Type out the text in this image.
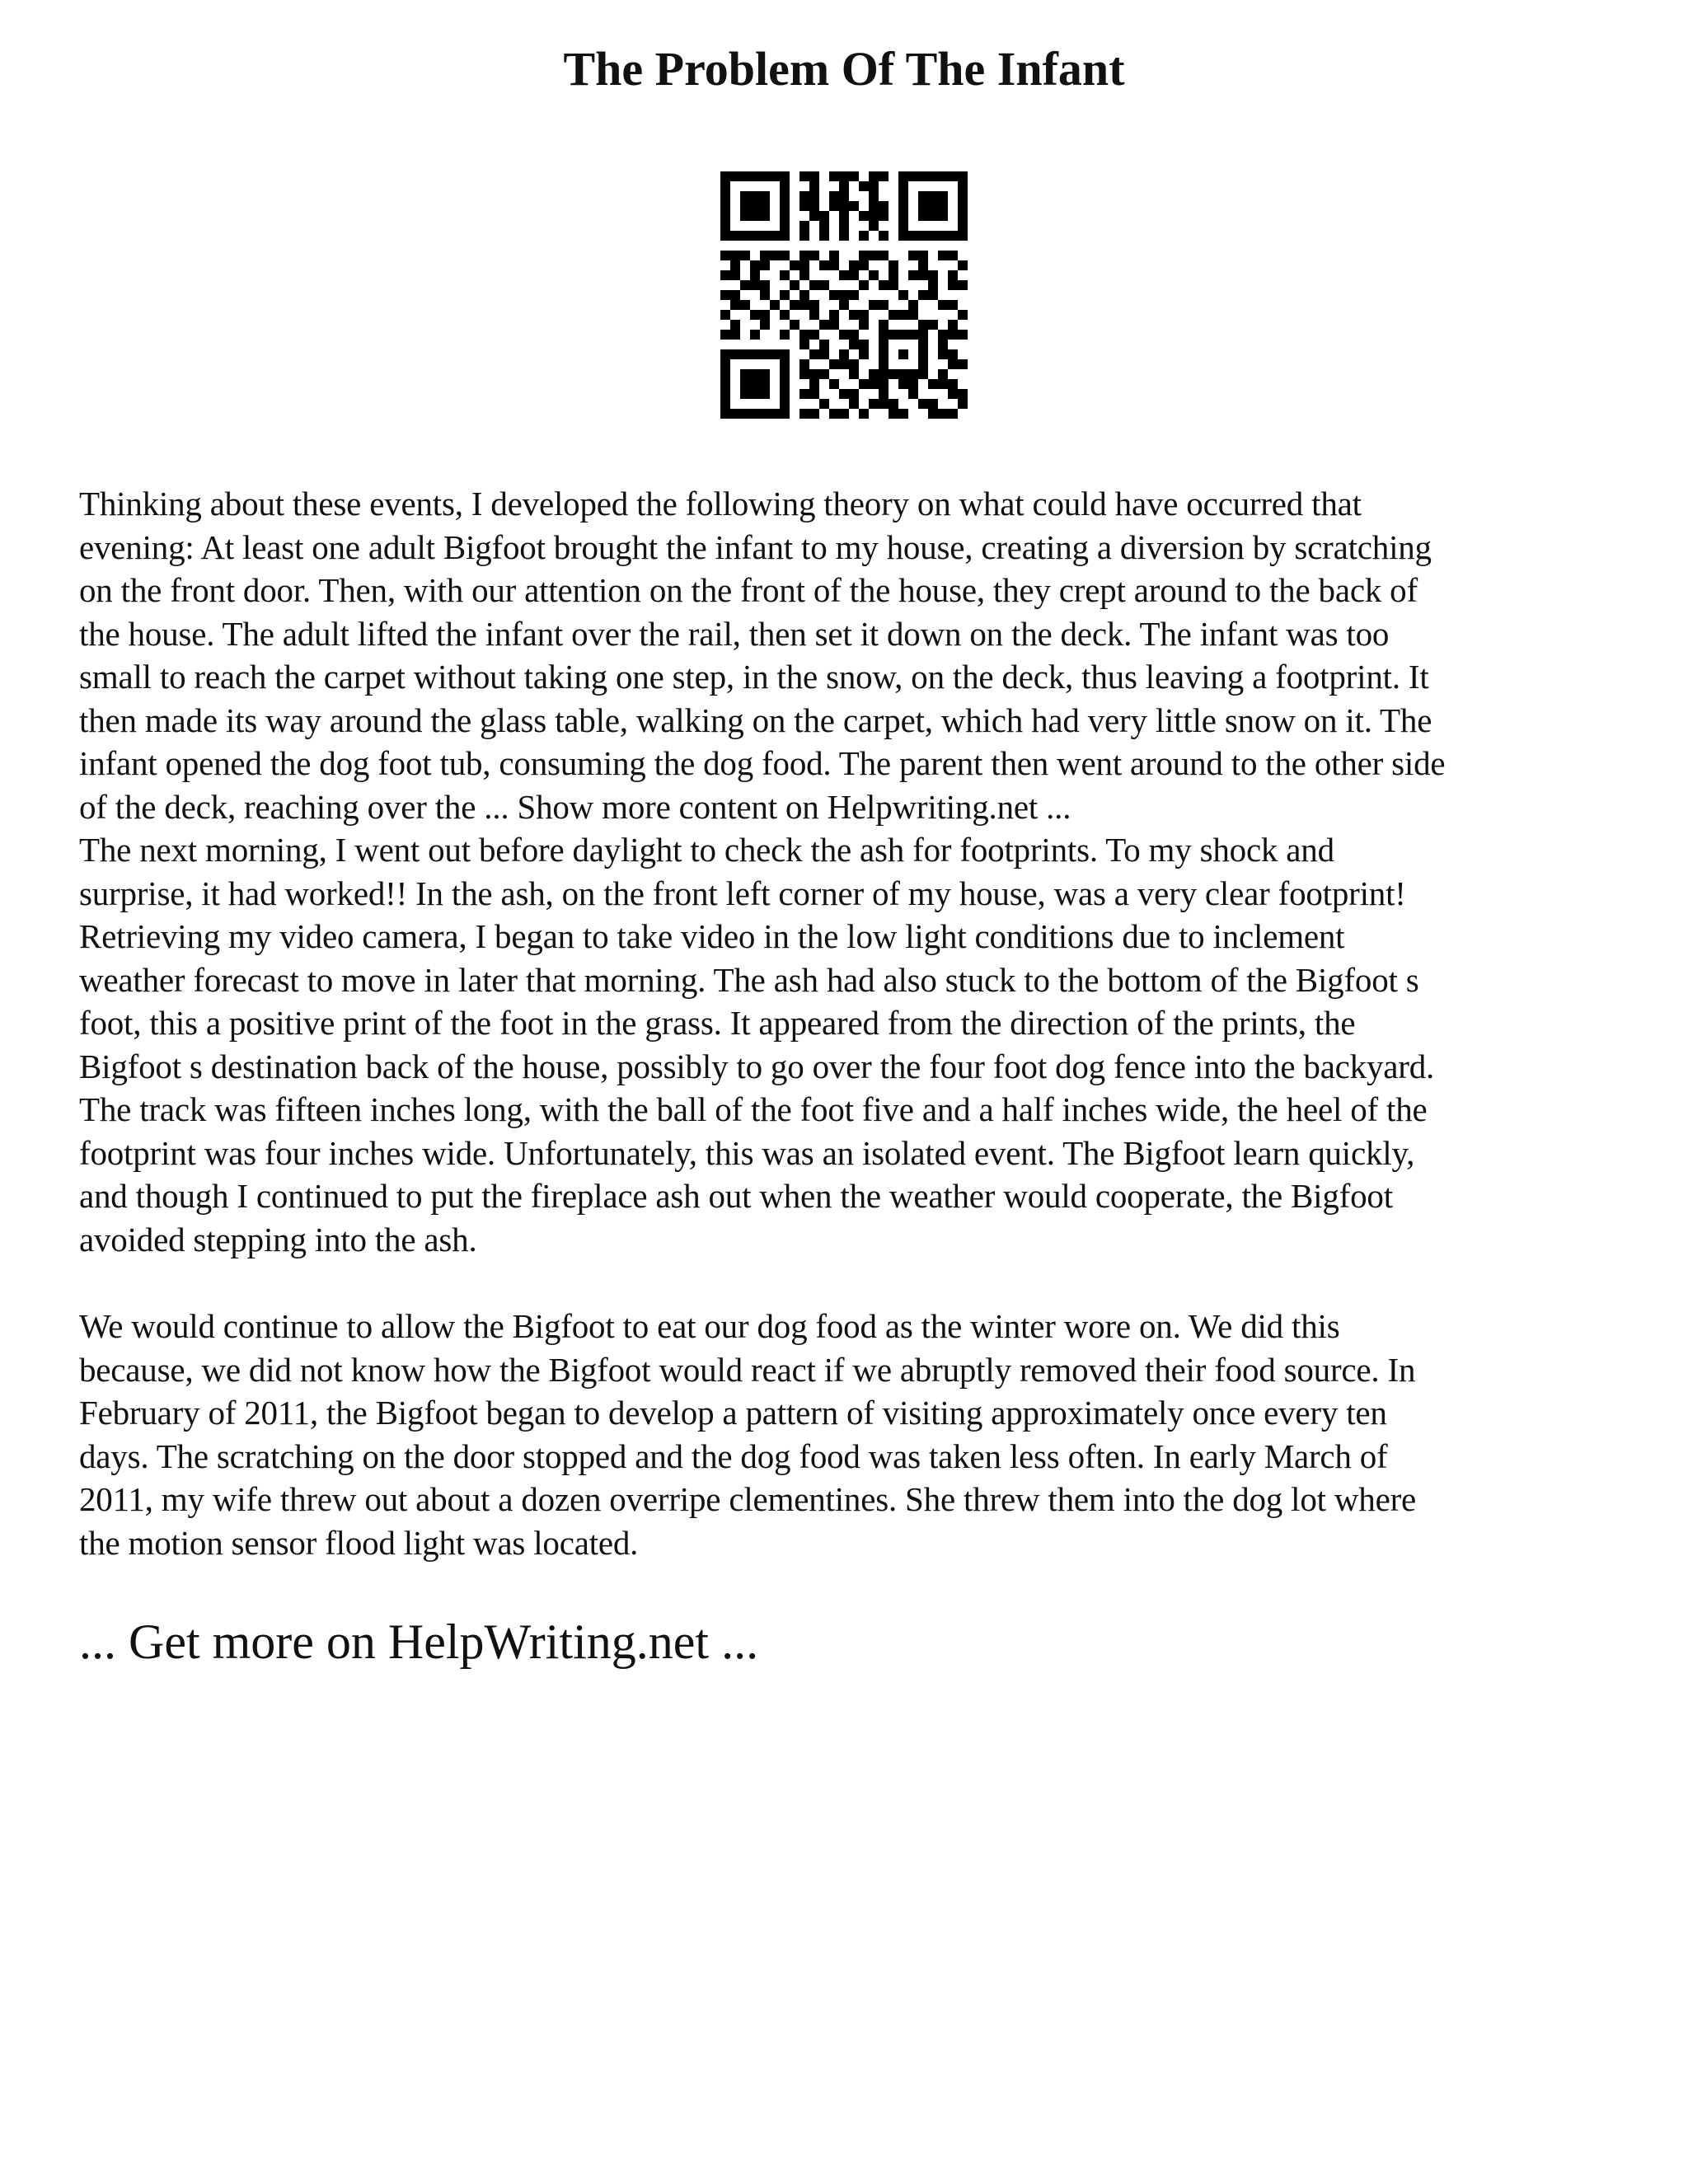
The Problem Of The Infant

Thinking about these events, I developed the following theory on what could have occurred that
evening: At least one adult Bigfoot brought the infant to my house, creating a diversion by scratching
on the front door. Then, with our attention on the front of the house, they crept around to the back of
the house. The adult lifted the infant over the rail, then set it down on the deck. The infant was too
small to reach the carpet without taking one step, in the snow, on the deck, thus leaving a footprint. It
then made its way around the glass table, walking on the carpet, which had very little snow on it. The
infant opened the dog foot tub, consuming the dog food. The parent then went around to the other side
of the deck, reaching over the ... Show more content on Helpwriting.net ...

The next morning, I went out before daylight to check the ash for footprints. To my shock and
surprise, it had worked!! In the ash, on the front left corner of my house, was a very clear footprint!
Retrieving my video camera, I began to take video in the low light conditions due to inclement
weather forecast to move in later that morning. The ash had also stuck to the bottom of the Bigfoot s
foot, this a positive print of the foot in the grass. It appeared from the direction of the prints, the
Bigfoot s destination back of the house, possibly to go over the four foot dog fence into the backyard.
The track was fifteen inches long, with the ball of the foot five and a half inches wide, the heel of the
footprint was four inches wide. Unfortunately, this was an isolated event. The Bigfoot learn quickly,
and though I continued to put the fireplace ash out when the weather would cooperate, the Bigfoot
avoided stepping into the ash.

We would continue to allow the Bigfoot to eat our dog food as the winter wore on. We did this
because, we did not know how the Bigfoot would react if we abruptly removed their food source. In
February of 2011, the Bigfoot began to develop a pattern of visiting approximately once every ten
days. The scratching on the door stopped and the dog food was taken less often. In early March of
2011, my wife threw out about a dozen overripe clementines. She threw them into the dog lot where
the motion sensor flood light was located.

... Get more on HelpWriting.net ...
